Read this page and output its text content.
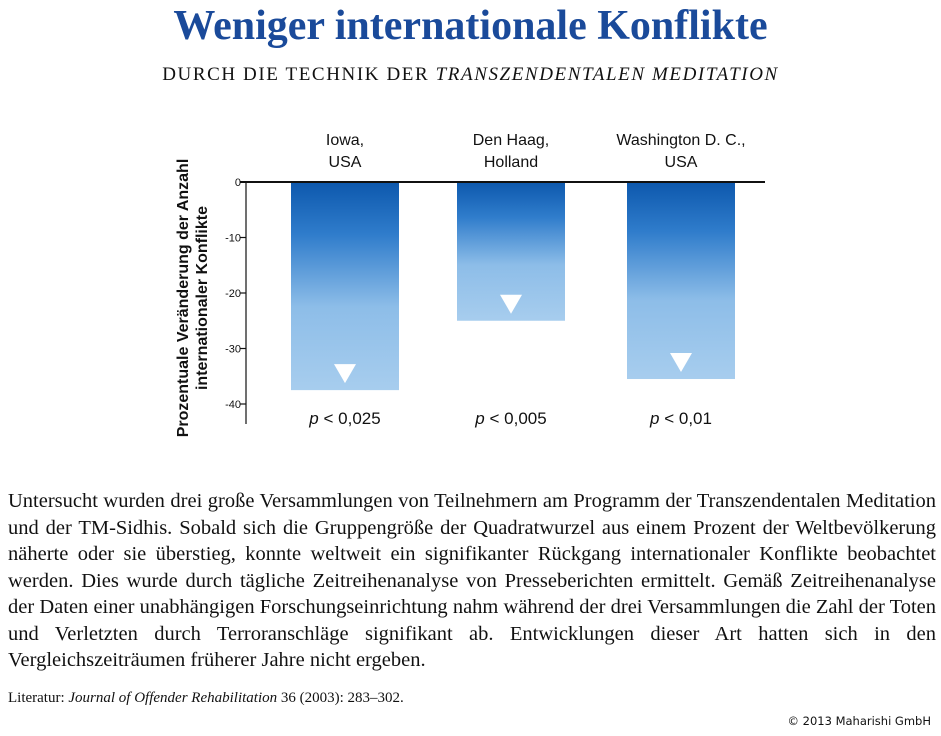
Weniger internationale Konflikte
DURCH DIE TECHNIK DER TRANSZENDENTALEN MEDITATION
Iowa,
USA
p < 0,025
Den Haag,
Holland
p < 0,005
Washington D. C.,
USA
p < 0,01
0
-10
-20
-30
-40
Prozentuale Veränderung der Anzahl internationaler Konflikte

Untersucht wurden drei große Versammlungen von Teilnehmern am Programm der Transzendentalen Meditation und der TM-Sidhis. Sobald sich die Gruppengröße der Quadratwurzel aus einem Prozent der Weltbevölkerung näherte oder sie überstieg, konnte weltweit ein signifikanter Rückgang internationaler Konflikte beobachtet werden. Dies wurde durch tägliche Zeitreihenanalyse von Presseberichten ermittelt. Gemäß Zeitreihenanalyse der Daten einer unabhängigen Forschungseinrichtung nahm während der drei Versammlungen die Zahl der Toten und Verletzten durch Terroranschläge signifikant ab. Entwicklungen dieser Art hatten sich in den Vergleichszeiträumen früherer Jahre nicht ergeben.

Literatur: Journal of Offender Rehabilitation 36 (2003): 283–302.
© 2013 Maharishi GmbH
